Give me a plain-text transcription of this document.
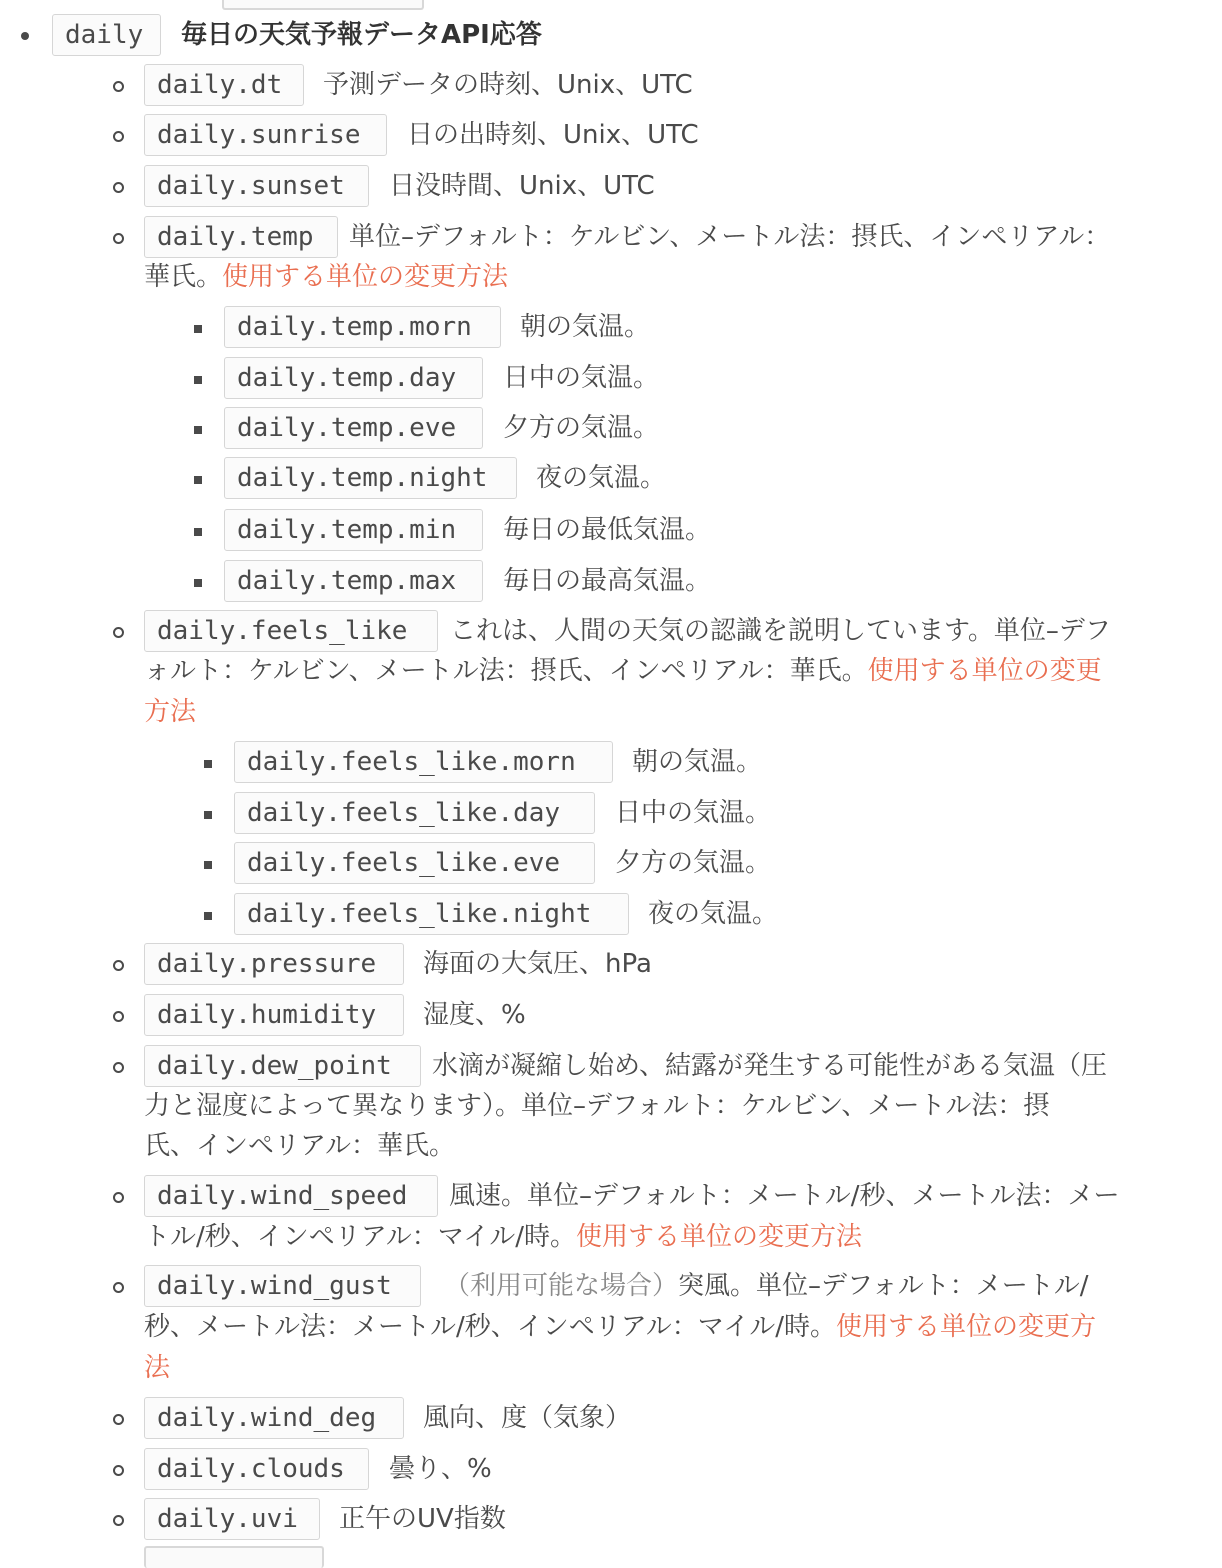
daily	毎日の天気予報データAPI応答
daily.dt	予測データの時刻、Unix、UTC
daily.sunrise	日の出時刻、Unix、UTC
daily.sunset	日没時間、Unix、UTC
daily.temp	単位–デフォルト：ケルビン、メートル法：摂氏、インペリアル：
華氏。使用する単位の変更方法
daily.temp.morn	朝の気温。
daily.temp.day	日中の気温。
daily.temp.eve	夕方の気温。
daily.temp.night	夜の気温。
daily.temp.min	毎日の最低気温。
daily.temp.max	毎日の最高気温。
daily.feels_like	これは、人間の天気の認識を説明しています。単位–デフ
ォルト：ケルビン、メートル法：摂氏、インペリアル：華氏。使用する単位の変更
方法
daily.feels_like.morn	朝の気温。
daily.feels_like.day	日中の気温。
daily.feels_like.eve	夕方の気温。
daily.feels_like.night	夜の気温。
daily.pressure	海面の大気圧、hPa
daily.humidity	湿度、%
daily.dew_point	水滴が凝縮し始め、結露が発生する可能性がある気温（圧
力と湿度によって異なります）。単位–デフォルト：ケルビン、メートル法：摂
氏、インペリアル：華氏。
daily.wind_speed	風速。単位–デフォルト：メートル/秒、メートル法：メー
トル/秒、インペリアル：マイル/時。使用する単位の変更方法
daily.wind_gust	（利用可能な場合）突風。単位–デフォルト：メートル/
秒、メートル法：メートル/秒、インペリアル：マイル/時。使用する単位の変更方
法
daily.wind_deg	風向、度（気象）
daily.clouds	曇り、%
daily.uvi	正午のUV指数
